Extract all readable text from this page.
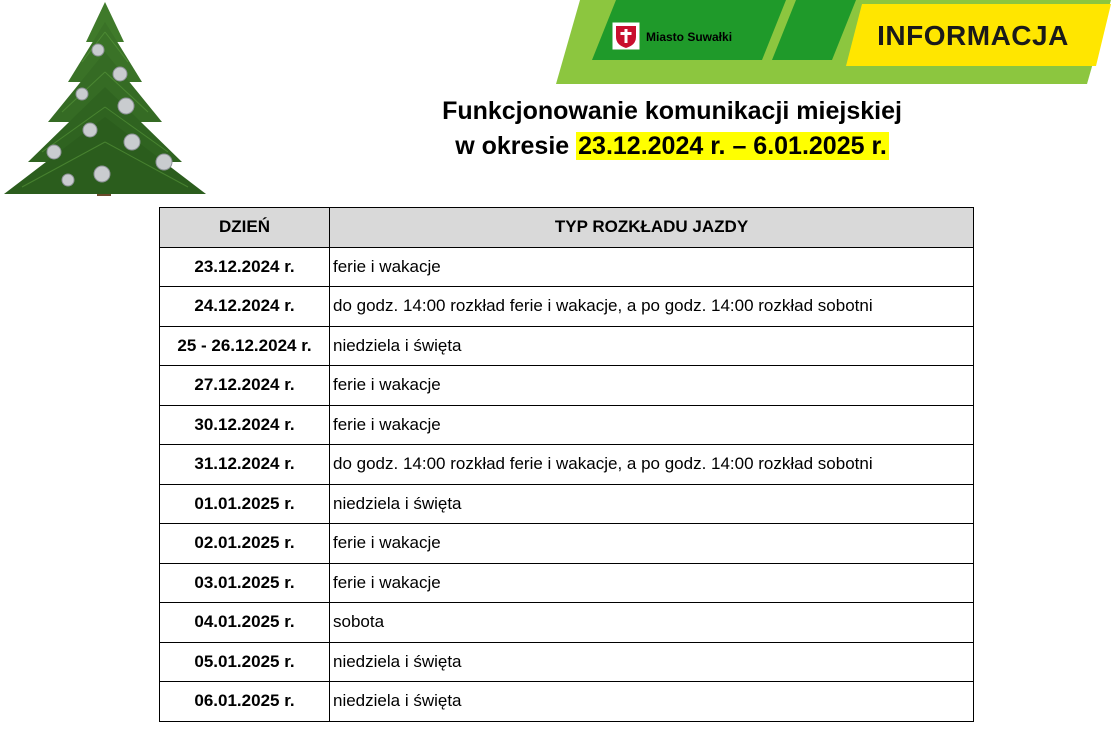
Miasto Suwałki	INFORMACJA
Funkcjonowanie komunikacji miejskiej
w okresie 23.12.2024 r. – 6.01.2025 r.
DZIEŃ	TYP ROZKŁADU JAZDY
23.12.2024 r.	ferie i wakacje
24.12.2024 r.	do godz. 14:00 rozkład ferie i wakacje, a po godz. 14:00 rozkład sobotni
25 - 26.12.2024 r.	niedziela i święta
27.12.2024 r.	ferie i wakacje
30.12.2024 r.	ferie i wakacje
31.12.2024 r.	do godz. 14:00 rozkład ferie i wakacje, a po godz. 14:00 rozkład sobotni
01.01.2025 r.	niedziela i święta
02.01.2025 r.	ferie i wakacje
03.01.2025 r.	ferie i wakacje
04.01.2025 r.	sobota
05.01.2025 r.	niedziela i święta
06.01.2025 r.	niedziela i święta
